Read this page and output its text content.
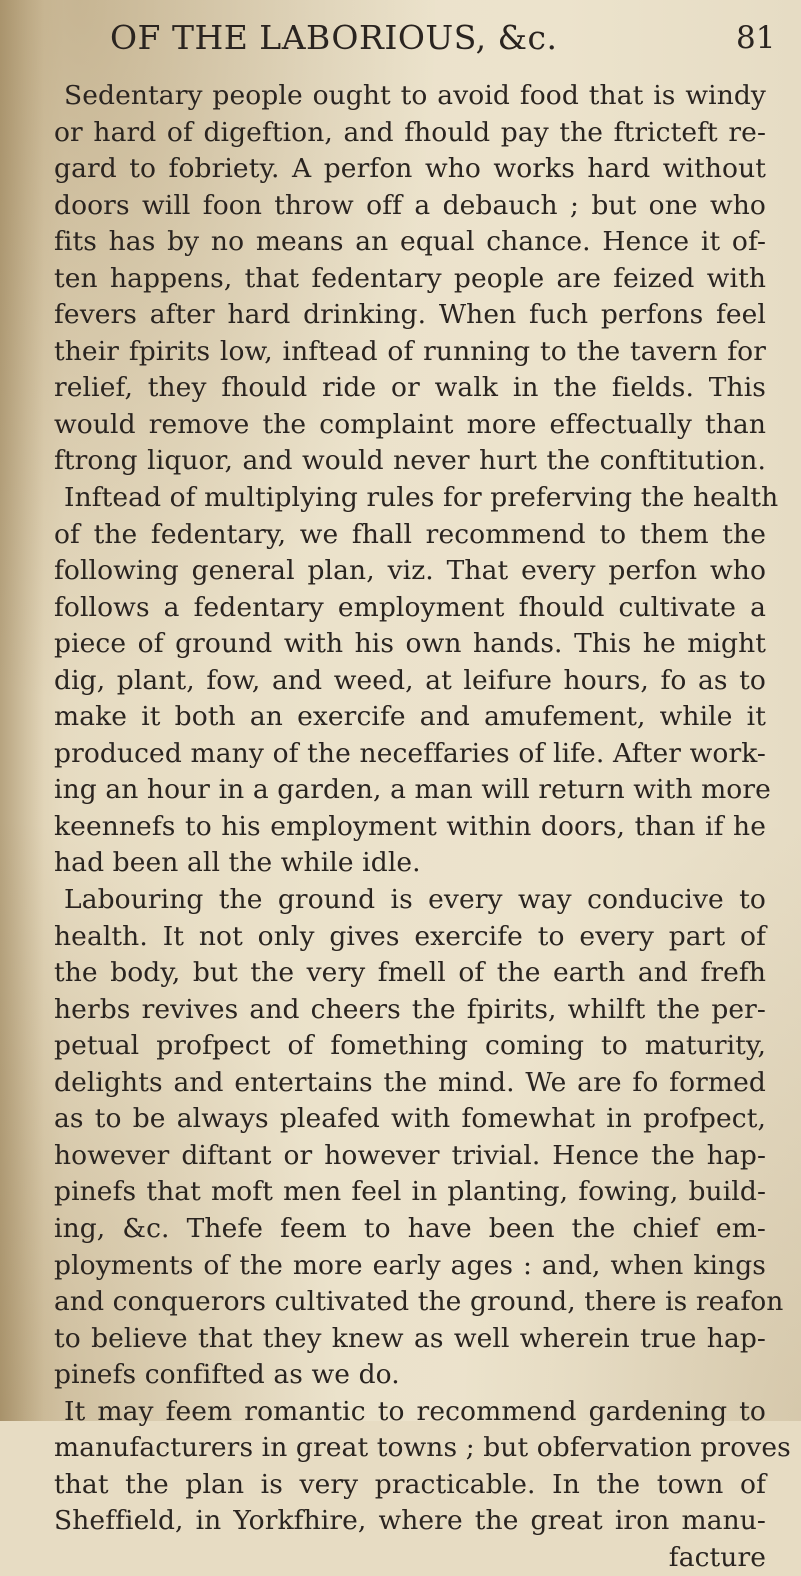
OF THE LABORIOUS, &c.	81
Sedentary people ought to avoid food that is windy
or hard of digeftion, and fhould pay the ftricteft re-
gard to fobriety. A perfon who works hard without
doors will foon throw off a debauch ; but one who
fits has by no means an equal chance. Hence it of-
ten happens, that fedentary people are feized with
fevers after hard drinking. When fuch perfons feel
their fpirits low, inftead of running to the tavern for
relief, they fhould ride or walk in the fields. This
would remove the complaint more effectually than
ftrong liquor, and would never hurt the conftitution.
Inftead of multiplying rules for preferving the health
of the fedentary, we fhall recommend to them the
following general plan, viz. That every perfon who
follows a fedentary employment fhould cultivate a
piece of ground with his own hands. This he might
dig, plant, fow, and weed, at leifure hours, fo as to
make it both an exercife and amufement, while it
produced many of the neceffaries of life. After work-
ing an hour in a garden, a man will return with more
keennefs to his employment within doors, than if he
had been all the while idle.
Labouring the ground is every way conducive to
health. It not only gives exercife to every part of
the body, but the very fmell of the earth and frefh
herbs revives and cheers the fpirits, whilft the per-
petual profpect of fomething coming to maturity,
delights and entertains the mind. We are fo formed
as to be always pleafed with fomewhat in profpect,
however diftant or however trivial. Hence the hap-
pinefs that moft men feel in planting, fowing, build-
ing, &c. Thefe feem to have been the chief em-
ployments of the more early ages : and, when kings
and conquerors cultivated the ground, there is reafon
to believe that they knew as well wherein true hap-
pinefs confifted as we do.
It may feem romantic to recommend gardening to
manufacturers in great towns ; but obfervation proves
that the plan is very practicable. In the town of
Sheffield, in Yorkfhire, where the great iron manu-
facture
